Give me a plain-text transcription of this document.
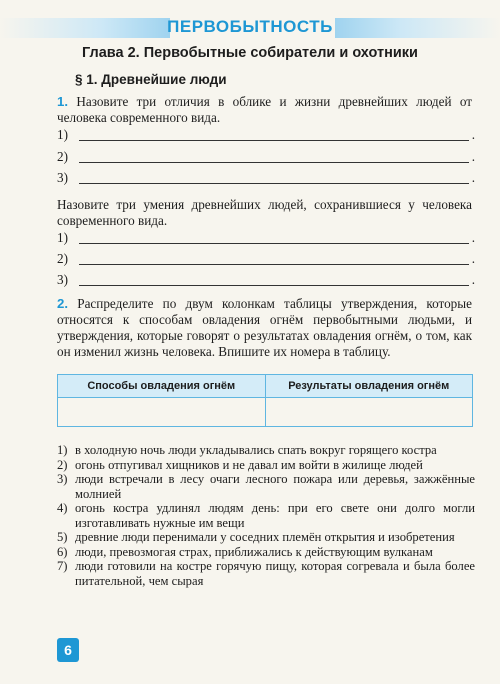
ПЕРВОБЫТНОСТЬ
Глава 2. Первобытные собиратели и охотники
§ 1. Древнейшие люди
1. Назовите три отличия в облике и жизни древнейших людей от человека современного вида.
1)	.
2)	.
3)	.
Назовите три умения древнейших людей, сохранившиеся у человека современного вида.
1)	.
2)	.
3)	.
2. Распределите по двум колонкам таблицы утверждения, которые относятся к способам овладения огнём первобытными людьми, и утверждения, которые говорят о результатах овладения огнём, о том, как он изменил жизнь человека. Впишите их номера в таблицу.
Способы овладения огнём	Результаты овладения огнём

1) в холодную ночь люди укладывались спать вокруг горящего костра
2) огонь отпугивал хищников и не давал им войти в жилище людей
3) люди встречали в лесу очаги лесного пожара или деревья, зажжённые молнией
4) огонь костра удлинял людям день: при его свете они долго могли изготавливать нужные им вещи
5) древние люди перенимали у соседних племён открытия и изобретения
6) люди, превозмогая страх, приближались к действующим вулканам
7) люди готовили на костре горячую пищу, которая согревала и была более питательной, чем сырая
6
